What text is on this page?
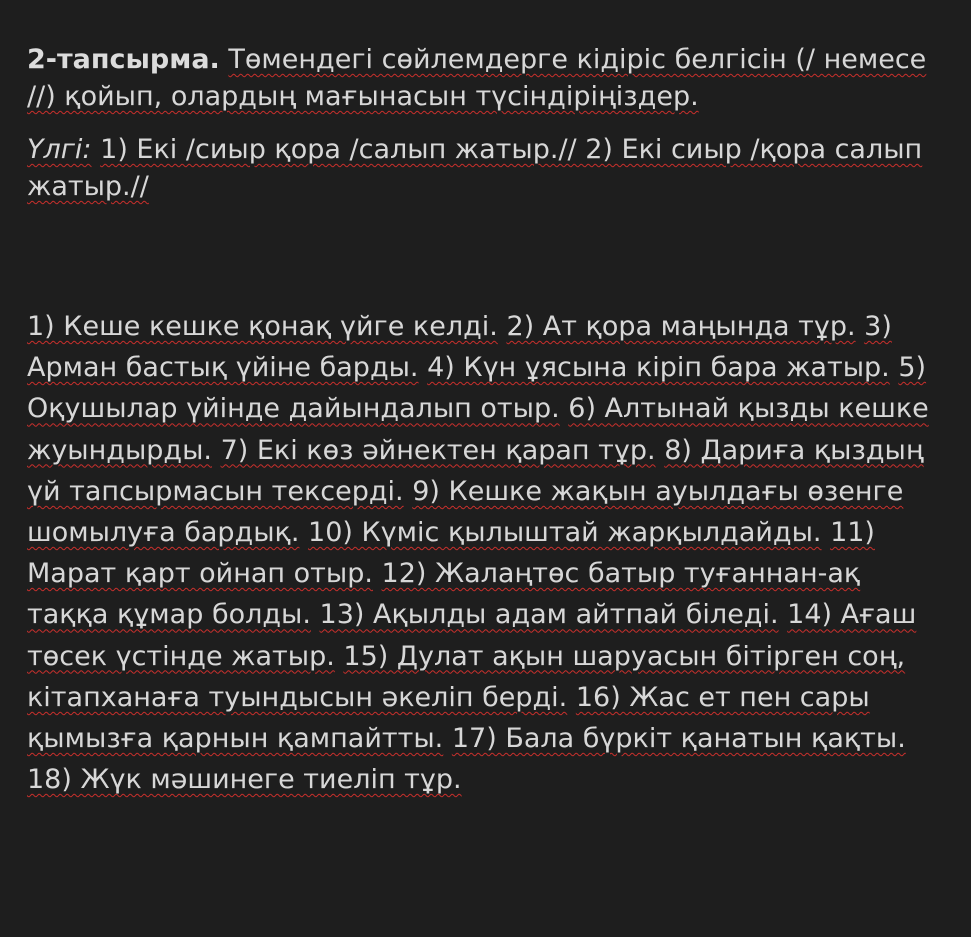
2-тапсырма. Төмендегі сөйлемдерге кідіріс белгісін (/ немесе //) қойып, олардың мағынасын түсіндіріңіздер.

Үлгі: 1) Екі /сиыр қора /салып жатыр.// 2) Екі сиыр /қора салып жатыр.//

1) Кеше кешке қонақ үйге келді. 2) Ат қора маңында тұр. 3) Арман бастық үйіне барды. 4) Күн ұясына кіріп бара жатыр. 5) Оқушылар үйінде дайындалып отыр. 6) Алтынай қызды кешке жуындырды. 7) Екі көз әйнектен қарап тұр. 8) Дариға қыздың үй тапсырмасын тексерді. 9) Кешке жақын ауылдағы өзенге шомылуға бардық. 10) Күміс қылыштай жарқылдайды. 11) Марат қарт ойнап отыр. 12) Жалаңтөс батыр туғаннан-ақ таққа құмар болды. 13) Ақылды адам айтпай біледі. 14) Ағаш төсек үстінде жатыр. 15) Дулат ақын шаруасын бітірген соң, кітапханаға туындысын әкеліп берді. 16) Жас ет пен сары қымызға қарнын қампайтты. 17) Бала бүркіт қанатын қақты. 18) Жүк мәшинеге тиеліп тұр.
